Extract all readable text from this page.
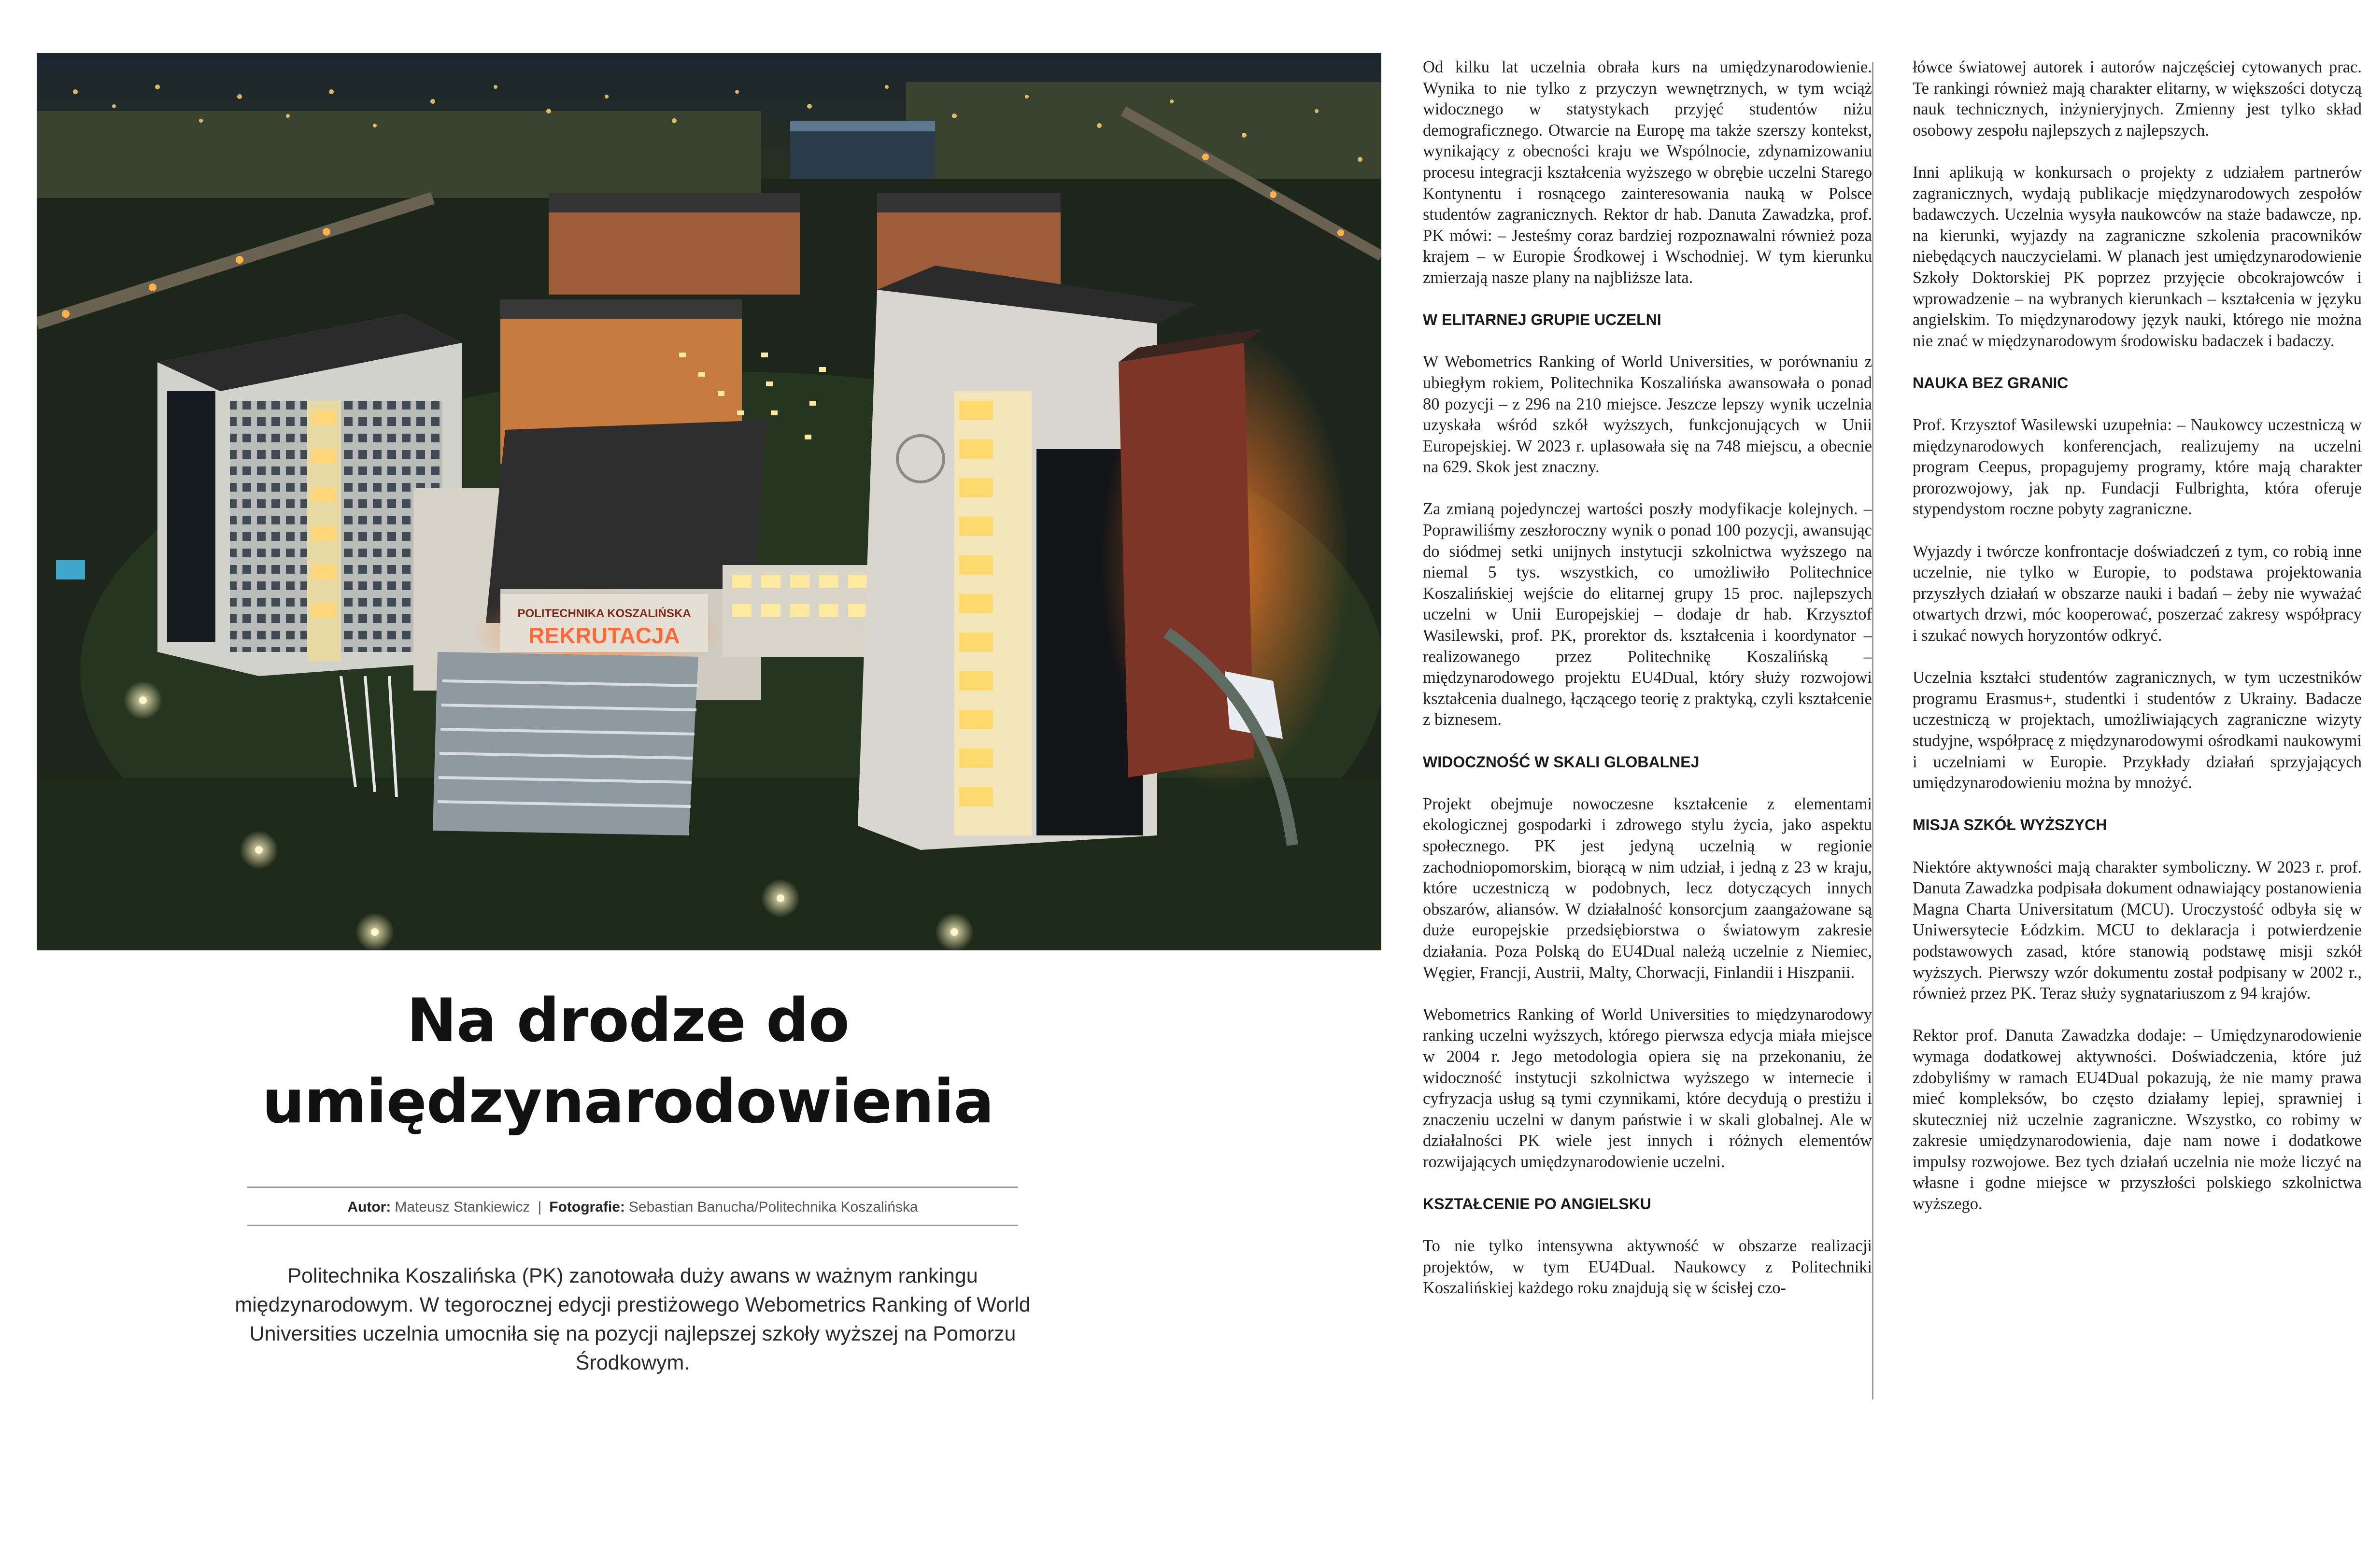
POLITECHNIKA KOSZALIŃSKA
REKRUTACJA
Na drodze do
umiędzynarodowienia
Autor: Mateusz Stankiewicz | Fotografie: Sebastian Banucha/Politechnika Koszalińska

Politechnika Koszalińska (PK) zanotowała duży awans w ważnym rankingu międzynarodowym. W tegorocznej edycji prestiżowego Webometrics Ranking of World Universities uczelnia umocniła się na pozycji najlepszej szkoły wyższej na Pomorzu Środkowym.

Od kilku lat uczelnia obrała kurs na umiędzynarodowienie. Wynika to nie tylko z przyczyn wewnętrznych, w tym wciąż widocznego w statystykach przyjęć studentów niżu demograficznego. Otwarcie na Europę ma także szerszy kontekst, wynikający z obecności kraju we Wspólnocie, zdynamizowaniu procesu integracji kształcenia wyższego w obrębie uczelni Starego Kontynentu i rosnącego zainteresowania nauką w Polsce studentów zagranicznych. Rektor dr hab. Danuta Zawadzka, prof. PK mówi: – Jesteśmy coraz bardziej rozpoznawalni również poza krajem – w Europie Środkowej i Wschodniej. W tym kierunku zmierzają nasze plany na najbliższe lata.

W ELITARNEJ GRUPIE UCZELNI

W Webometrics Ranking of World Universities, w porównaniu z ubiegłym rokiem, Politechnika Koszalińska awansowała o ponad 80 pozycji – z 296 na 210 miejsce. Jeszcze lepszy wynik uczelnia uzyskała wśród szkół wyższych, funkcjonujących w Unii Europejskiej. W 2023 r. uplasowała się na 748 miejscu, a obecnie na 629. Skok jest znaczny.

Za zmianą pojedynczej wartości poszły modyfikacje kolejnych. – Poprawiliśmy zeszłoroczny wynik o ponad 100 pozycji, awansując do siódmej setki unijnych instytucji szkolnictwa wyższego na niemal 5 tys. wszystkich, co umożliwiło Politechnice Koszalińskiej wejście do elitarnej grupy 15 proc. najlepszych uczelni w Unii Europejskiej – dodaje dr hab. Krzysztof Wasilewski, prof. PK, prorektor ds. kształcenia i koordynator – realizowanego przez Politechnikę Koszalińską – międzynarodowego projektu EU4Dual, który służy rozwojowi kształcenia dualnego, łączącego teorię z praktyką, czyli kształcenie z biznesem.

WIDOCZNOŚĆ W SKALI GLOBALNEJ

Projekt obejmuje nowoczesne kształcenie z elementami ekologicznej gospodarki i zdrowego stylu życia, jako aspektu społecznego. PK jest jedyną uczelnią w regionie zachodniopomorskim, biorącą w nim udział, i jedną z 23 w kraju, które uczestniczą w podobnych, lecz dotyczących innych obszarów, aliansów. W działalność konsorcjum zaangażowane są duże europejskie przedsiębiorstwa o światowym zakresie działania. Poza Polską do EU4Dual należą uczelnie z Niemiec, Węgier, Francji, Austrii, Malty, Chorwacji, Finlandii i Hiszpanii.

Webometrics Ranking of World Universities to międzynarodowy ranking uczelni wyższych, którego pierwsza edycja miała miejsce w 2004 r. Jego metodologia opiera się na przekonaniu, że widoczność instytucji szkolnictwa wyższego w internecie i cyfryzacja usług są tymi czynnikami, które decydują o prestiżu i znaczeniu uczelni w danym państwie i w skali globalnej. Ale w działalności PK wiele jest innych i różnych elementów rozwijających umiędzynarodowienie uczelni.

KSZTAŁCENIE PO ANGIELSKU

To nie tylko intensywna aktywność w obszarze realizacji projektów, w tym EU4Dual. Naukowcy z Politechniki Koszalińskiej każdego roku znajdują się w ścisłej czo-

łówce światowej autorek i autorów najczęściej cytowanych prac. Te rankingi również mają charakter elitarny, w większości dotyczą nauk technicznych, inżynieryjnych. Zmienny jest tylko skład osobowy zespołu najlepszych z najlepszych.

Inni aplikują w konkursach o projekty z udziałem partnerów zagranicznych, wydają publikacje międzynarodowych zespołów badawczych. Uczelnia wysyła naukowców na staże badawcze, np. na kierunki, wyjazdy na zagraniczne szkolenia pracowników niebędących nauczycielami. W planach jest umiędzynarodowienie Szkoły Doktorskiej PK poprzez przyjęcie obcokrajowców i wprowadzenie – na wybranych kierunkach – kształcenia w języku angielskim. To międzynarodowy język nauki, którego nie można nie znać w międzynarodowym środowisku badaczek i badaczy.

NAUKA BEZ GRANIC

Prof. Krzysztof Wasilewski uzupełnia: – Naukowcy uczestniczą w międzynarodowych konferencjach, realizujemy na uczelni program Ceepus, propagujemy programy, które mają charakter prorozwojowy, jak np. Fundacji Fulbrighta, która oferuje stypendystom roczne pobyty zagraniczne.

Wyjazdy i twórcze konfrontacje doświadczeń z tym, co robią inne uczelnie, nie tylko w Europie, to podstawa projektowania przyszłych działań w obszarze nauki i badań – żeby nie wyważać otwartych drzwi, móc kooperować, poszerzać zakresy współpracy i szukać nowych horyzontów odkryć.

Uczelnia kształci studentów zagranicznych, w tym uczestników programu Erasmus+, studentki i studentów z Ukrainy. Badacze uczestniczą w projektach, umożliwiających zagraniczne wizyty studyjne, współpracę z międzynarodowymi ośrodkami naukowymi i uczelniami w Europie. Przykłady działań sprzyjających umiędzynarodowieniu można by mnożyć.

MISJA SZKÓŁ WYŻSZYCH

Niektóre aktywności mają charakter symboliczny. W 2023 r. prof. Danuta Zawadzka podpisała dokument odnawiający postanowienia Magna Charta Universitatum (MCU). Uroczystość odbyła się w Uniwersytecie Łódzkim. MCU to deklaracja i potwierdzenie podstawowych zasad, które stanowią podstawę misji szkół wyższych. Pierwszy wzór dokumentu został podpisany w 2002 r., również przez PK. Teraz służy sygnatariuszom z 94 krajów.

Rektor prof. Danuta Zawadzka dodaje: – Umiędzynarodowienie wymaga dodatkowej aktywności. Doświadczenia, które już zdobyliśmy w ramach EU4Dual pokazują, że nie mamy prawa mieć kompleksów, bo często działamy lepiej, sprawniej i skuteczniej niż uczelnie zagraniczne. Wszystko, co robimy w zakresie umiędzynarodowienia, daje nam nowe i dodatkowe impulsy rozwojowe. Bez tych działań uczelnia nie może liczyć na własne i godne miejsce w przyszłości polskiego szkolnictwa wyższego.
